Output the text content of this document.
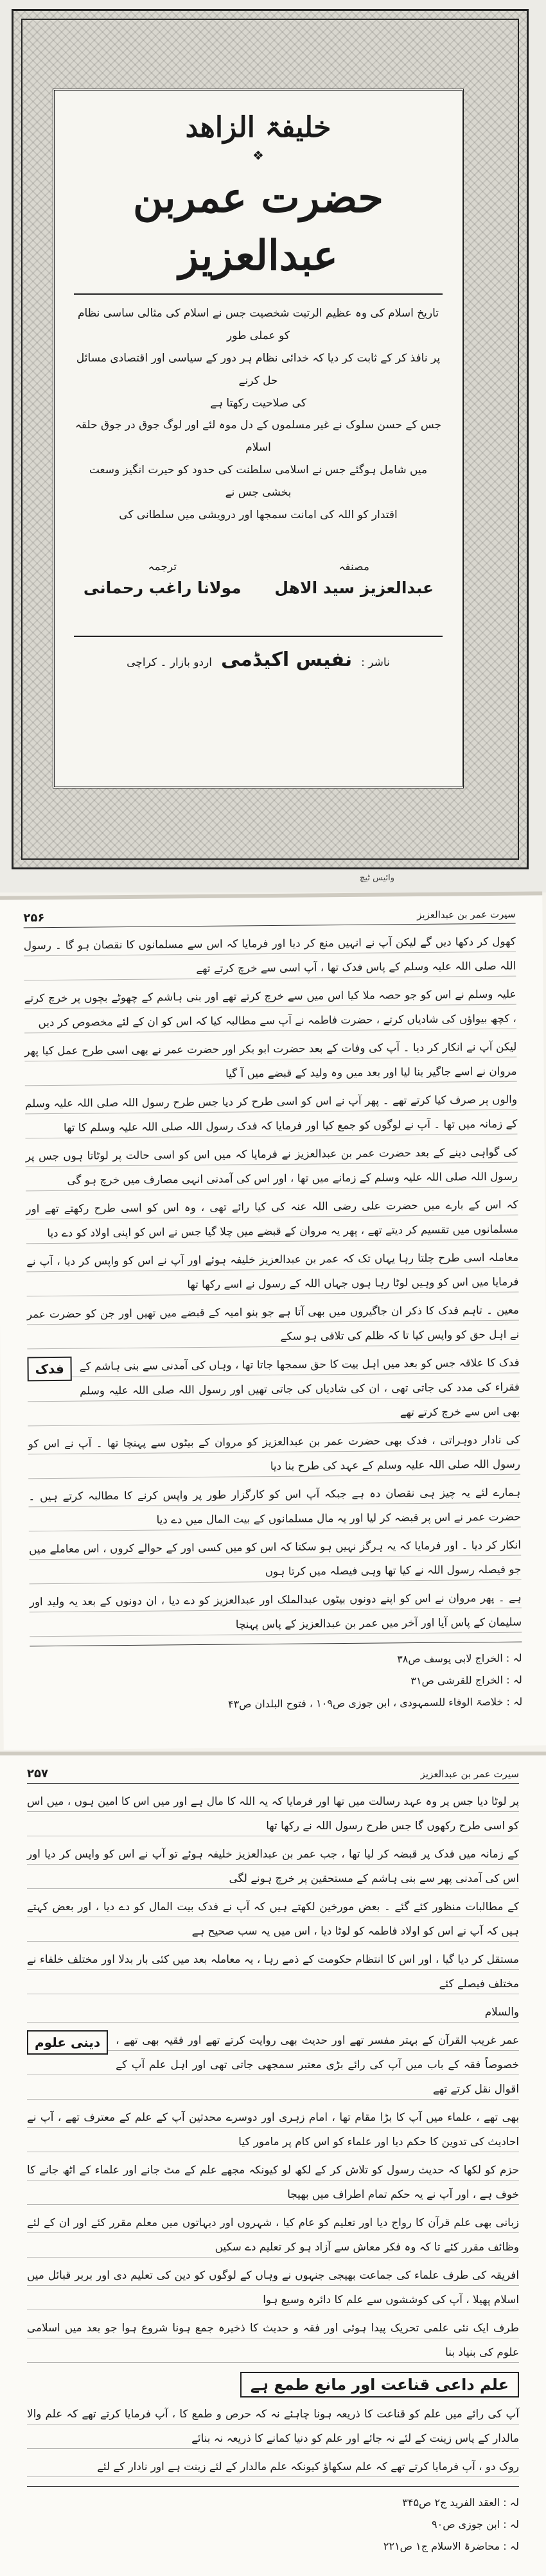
خلیفۃ الزاھد
❖
حضرت عمربن عبدالعزیز
تاریخ اسلام کی وہ عظیم الرتبت شخصیت جس نے اسلام کی مثالی ساسی نظام کو عملی طور
پر نافذ کر کے ثابت کر دیا کہ خدائی نظام ہر دور کے سیاسی اور اقتصادی مسائل حل کرنے
کی صلاحیت رکھتا ہے
جس کے حسن سلوک نے غیر مسلموں کے دل موہ لئے اور لوگ جوق در جوق حلقہ اسلام
میں شامل ہوگئے جس نے اسلامی سلطنت کی حدود کو حیرت انگیز وسعت بخشی جس نے
اقتدار کو اللہ کی امانت سمجھا اور درویشی میں سلطانی کی
مصنفہ
عبدالعزیز سید الاھل
ترجمہ
مولانا راغب رحمانی
ناشر :
نفیس اکیڈمی
اردو بازار ۔ کراچی
وائیس ٹیچ
سیرت عمر بن عبدالعزیز
۲۵۶

کھول کر دکھا دیں گے لیکن آپ نے انہیں منع کر دیا اور فرمایا کہ اس سے مسلمانوں کا نقصان ہو گا ۔ رسول اللہ صلی اللہ علیہ وسلم کے پاس فدک تھا ، آپ اسی سے خرچ کرتے تھے

علیہ وسلم نے اس کو جو حصہ ملا کیا اس میں سے خرچ کرتے تھے اور بنی ہاشم کے چھوٹے بچوں پر خرچ کرتے ، کچھ بیواؤں کی شادیاں کرتے ، حضرت فاطمہ نے آپ سے مطالبہ کیا کہ اس کو ان کے لئے مخصوص کر دیں

لیکن آپ نے انکار کر دیا ۔ آپ کی وفات کے بعد حضرت ابو بکر اور حضرت عمر نے بھی اسی طرح عمل کیا پھر مروان نے اسے جاگیر بنا لیا اور بعد میں وہ ولید کے قبضے میں آ گیا

والوں پر صرف کیا کرتے تھے ۔ پھر آپ نے اس کو اسی طرح کر دیا جس طرح رسول اللہ صلی اللہ علیہ وسلم کے زمانہ میں تھا ۔ آپ نے لوگوں کو جمع کیا اور فرمایا کہ فدک رسول اللہ صلی اللہ علیہ وسلم کا تھا

کی گواہی دینے کے بعد حضرت عمر بن عبدالعزیز نے فرمایا کہ میں اس کو اسی حالت پر لوٹاتا ہوں جس پر رسول اللہ صلی اللہ علیہ وسلم کے زمانے میں تھا ، اور اس کی آمدنی انہی مصارف میں خرچ ہو گی

کہ اس کے بارے میں حضرت علی رضی اللہ عنہ کی کیا رائے تھی ، وہ اس کو اسی طرح رکھتے تھے اور مسلمانوں میں تقسیم کر دیتے تھے ، پھر یہ مروان کے قبضے میں چلا گیا جس نے اس کو اپنی اولاد کو دے دیا

معاملہ اسی طرح چلتا رہا یہاں تک کہ عمر بن عبدالعزیز خلیفہ ہوئے اور آپ نے اس کو واپس کر دیا ، آپ نے فرمایا میں اس کو وہیں لوٹا رہا ہوں جہاں اللہ کے رسول نے اسے رکھا تھا

معین ۔ تاہم فدک کا ذکر ان جاگیروں میں بھی آتا ہے جو بنو امیہ کے قبضے میں تھیں اور جن کو حضرت عمر نے اہل حق کو واپس کیا تا کہ ظلم کی تلافی ہو سکے

فدک	فدک کا علاقہ جس کو بعد میں اہل بیت کا حق سمجھا جاتا تھا ، وہاں کی آمدنی سے بنی ہاشم کے فقراء کی مدد کی جاتی تھی ، ان کی شادیاں کی جاتی تھیں اور رسول اللہ صلی اللہ علیہ وسلم بھی اس سے خرچ کرتے تھے

کی نادار دوہراتی ، فدک بھی حضرت عمر بن عبدالعزیز کو مروان کے بیٹوں سے پہنچا تھا ۔ آپ نے اس کو رسول اللہ صلی اللہ علیہ وسلم کے عہد کی طرح بنا دیا

ہمارے لئے یہ چیز ہی نقصان دہ ہے جبکہ آپ اس کو کارگزار طور پر واپس کرنے کا مطالبہ کرتے ہیں ۔ حضرت عمر نے اس پر قبضہ کر لیا اور یہ مال مسلمانوں کے بیت المال میں دے دیا

انکار کر دیا ۔ اور فرمایا کہ یہ ہرگز نہیں ہو سکتا کہ اس کو میں کسی اور کے حوالے کروں ، اس معاملے میں جو فیصلہ رسول اللہ نے کیا تھا وہی فیصلہ میں کرتا ہوں

ہے ۔ پھر مروان نے اس کو اپنے دونوں بیٹوں عبدالملک اور عبدالعزیز کو دے دیا ، ان دونوں کے بعد یہ ولید اور سلیمان کے پاس آیا اور آخر میں عمر بن عبدالعزیز کے پاس پہنچا

لہ : الخراج لابی یوسف ص۳۸
لہ : الخراج للقرشی ص۳۱
لہ : خلاصۃ الوفاء للسمہودی ، ابن جوزی ص۱۰۹ ، فتوح البلدان ص۴۳
سیرت عمر بن عبدالعزیز
۲۵۷

پر لوٹا دیا جس پر وہ عہد رسالت میں تھا اور فرمایا کہ یہ اللہ کا مال ہے اور میں اس کا امین ہوں ، میں اس کو اسی طرح رکھوں گا جس طرح رسول اللہ نے رکھا تھا

کے زمانہ میں فدک پر قبضہ کر لیا تھا ، جب عمر بن عبدالعزیز خلیفہ ہوئے تو آپ نے اس کو واپس کر دیا اور اس کی آمدنی پھر سے بنی ہاشم کے مستحقین پر خرچ ہونے لگی

کے مطالبات منظور کئے گئے ۔ بعض مورخین لکھتے ہیں کہ آپ نے فدک بیت المال کو دے دیا ، اور بعض کہتے ہیں کہ آپ نے اس کو اولاد فاطمہ کو لوٹا دیا ، اس میں یہ سب صحیح ہے

مستقل کر دیا گیا ، اور اس کا انتظام حکومت کے ذمے رہا ، یہ معاملہ بعد میں کئی بار بدلا اور مختلف خلفاء نے مختلف فیصلے کئے

والسلام

دینی علوم	عمر غریب القرآن کے بہتر مفسر تھے اور حدیث بھی روایت کرتے تھے اور فقیہ بھی تھے ، خصوصاً فقہ کے باب میں آپ کی رائے بڑی معتبر سمجھی جاتی تھی اور اہل علم آپ کے اقوال نقل کرتے تھے

بھی تھے ، علماء میں آپ کا بڑا مقام تھا ، امام زہری اور دوسرے محدثین آپ کے علم کے معترف تھے ، آپ نے احادیث کی تدوین کا حکم دیا اور علماء کو اس کام پر مامور کیا

حزم کو لکھا کہ حدیث رسول کو تلاش کر کے لکھ لو کیونکہ مجھے علم کے مٹ جانے اور علماء کے اٹھ جانے کا خوف ہے ، اور آپ نے یہ حکم تمام اطراف میں بھیجا

زبانی بھی علم قرآن کا رواج دیا اور تعلیم کو عام کیا ، شہروں اور دیہاتوں میں معلم مقرر کئے اور ان کے لئے وظائف مقرر کئے تا کہ وہ فکر معاش سے آزاد ہو کر تعلیم دے سکیں

افریقہ کی طرف علماء کی جماعت بھیجی جنہوں نے وہاں کے لوگوں کو دین کی تعلیم دی اور بربر قبائل میں اسلام پھیلا ، آپ کی کوششوں سے علم کا دائرہ وسیع ہوا

طرف ایک نئی علمی تحریک پیدا ہوئی اور فقہ و حدیث کا ذخیرہ جمع ہونا شروع ہوا جو بعد میں اسلامی علوم کی بنیاد بنا

علم داعی قناعت اور مانع طمع ہے

آپ کی رائے میں علم کو قناعت کا ذریعہ ہونا چاہئے نہ کہ حرص و طمع کا ، آپ فرمایا کرتے تھے کہ علم والا مالدار کے پاس زینت کے لئے نہ جائے اور علم کو دنیا کمانے کا ذریعہ نہ بنائے

روک دو ، آپ فرمایا کرتے تھے کہ علم سکھاؤ کیونکہ علم مالدار کے لئے زینت ہے اور نادار کے لئے

لہ : العقد الفرید ج۲ ص۳۴۵
لہ : ابن جوزی ص۹۰
لہ : محاضرۃ الاسلام ج۱ ص۲۲۱
